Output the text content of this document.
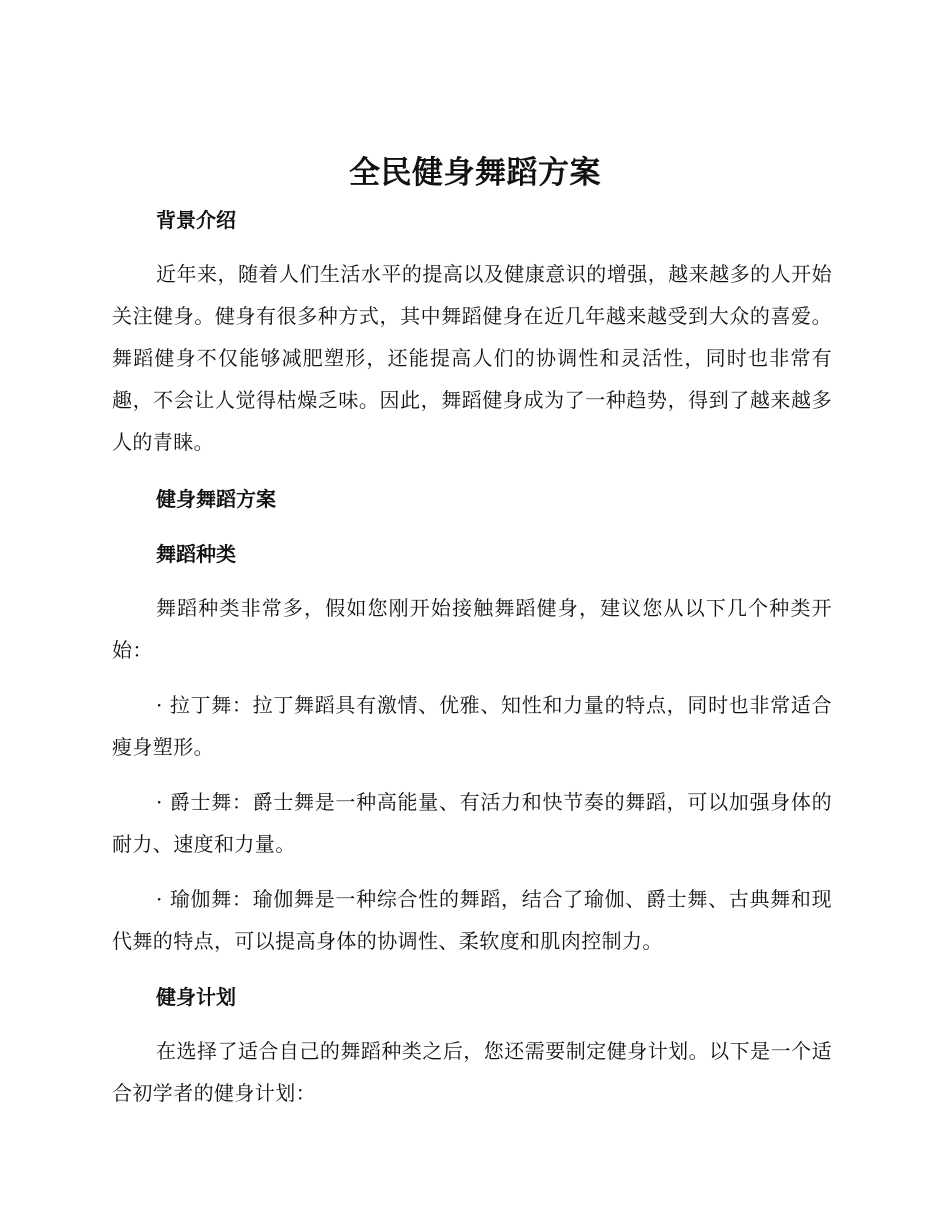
全民健身舞蹈方案
背景介绍

近年来，随着人们生活水平的提高以及健康意识的增强，越来越多的人开始关注健身。健身有很多种方式，其中舞蹈健身在近几年越来越受到大众的喜爱。舞蹈健身不仅能够减肥塑形，还能提高人们的协调性和灵活性，同时也非常有趣，不会让人觉得枯燥乏味。因此，舞蹈健身成为了一种趋势，得到了越来越多人的青睐。

健身舞蹈方案
舞蹈种类

舞蹈种类非常多，假如您刚开始接触舞蹈健身，建议您从以下几个种类开始：

· 拉丁舞：拉丁舞蹈具有激情、优雅、知性和力量的特点，同时也非常适合瘦身塑形。

· 爵士舞：爵士舞是一种高能量、有活力和快节奏的舞蹈，可以加强身体的耐力、速度和力量。

· 瑜伽舞：瑜伽舞是一种综合性的舞蹈，结合了瑜伽、爵士舞、古典舞和现代舞的特点，可以提高身体的协调性、柔软度和肌肉控制力。

健身计划

在选择了适合自己的舞蹈种类之后，您还需要制定健身计划。以下是一个适合初学者的健身计划：
